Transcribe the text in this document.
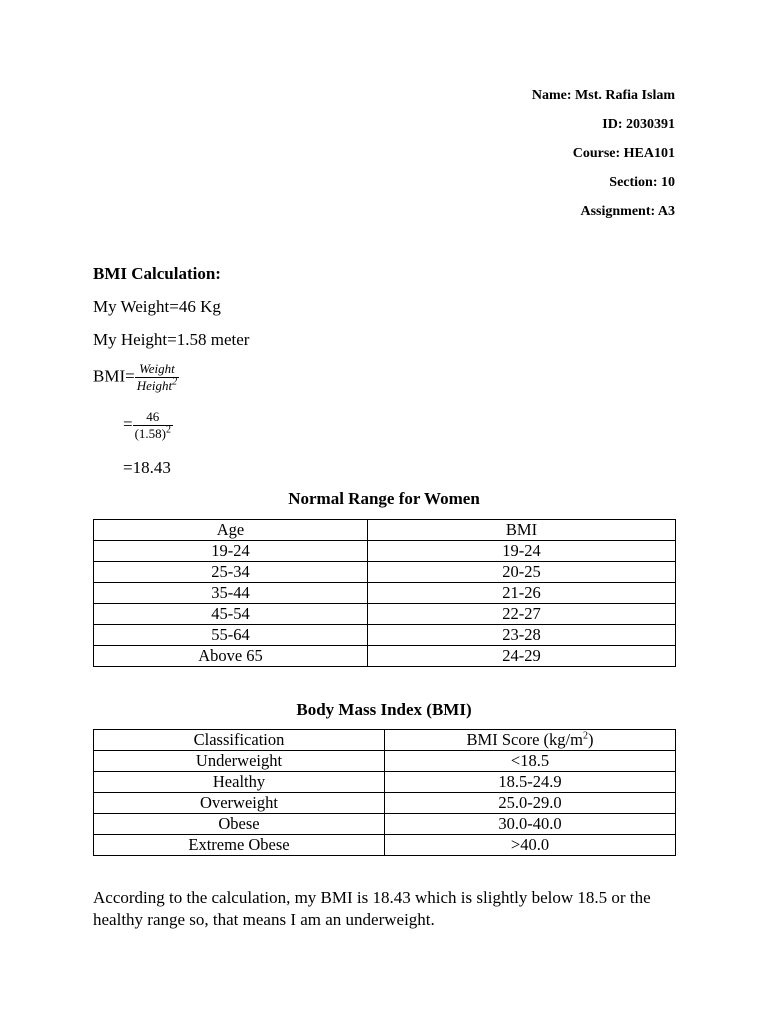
Name: Mst. Rafia Islam
ID: 2030391
Course: HEA101
Section: 10
Assignment: A3
BMI Calculation:
My Weight=46 Kg
My Height=1.58 meter
$BMI= \frac{\text{Weight}}{Height^2}$
= $\frac{46}{(1.58)^2}$
=18.43
Normal Range for Women
Age	BMI
19-24	19-24
25-34	20-25
35-44	21-26
45-54	22-27
55-64	23-28
Above 65	24-29
Body Mass Index (BMI)
Classification	BMI Score $(kg/m^2)$
Underweight	<18.5
Healthy	18.5-24.9
Overweight	25.0-29.0
Obese	30.0-40.0
Extreme Obese	>40.0
According to the calculation, my BMI is 18.43 which is slightly below 18.5 or the healthy range so, that means I am an underweight.
